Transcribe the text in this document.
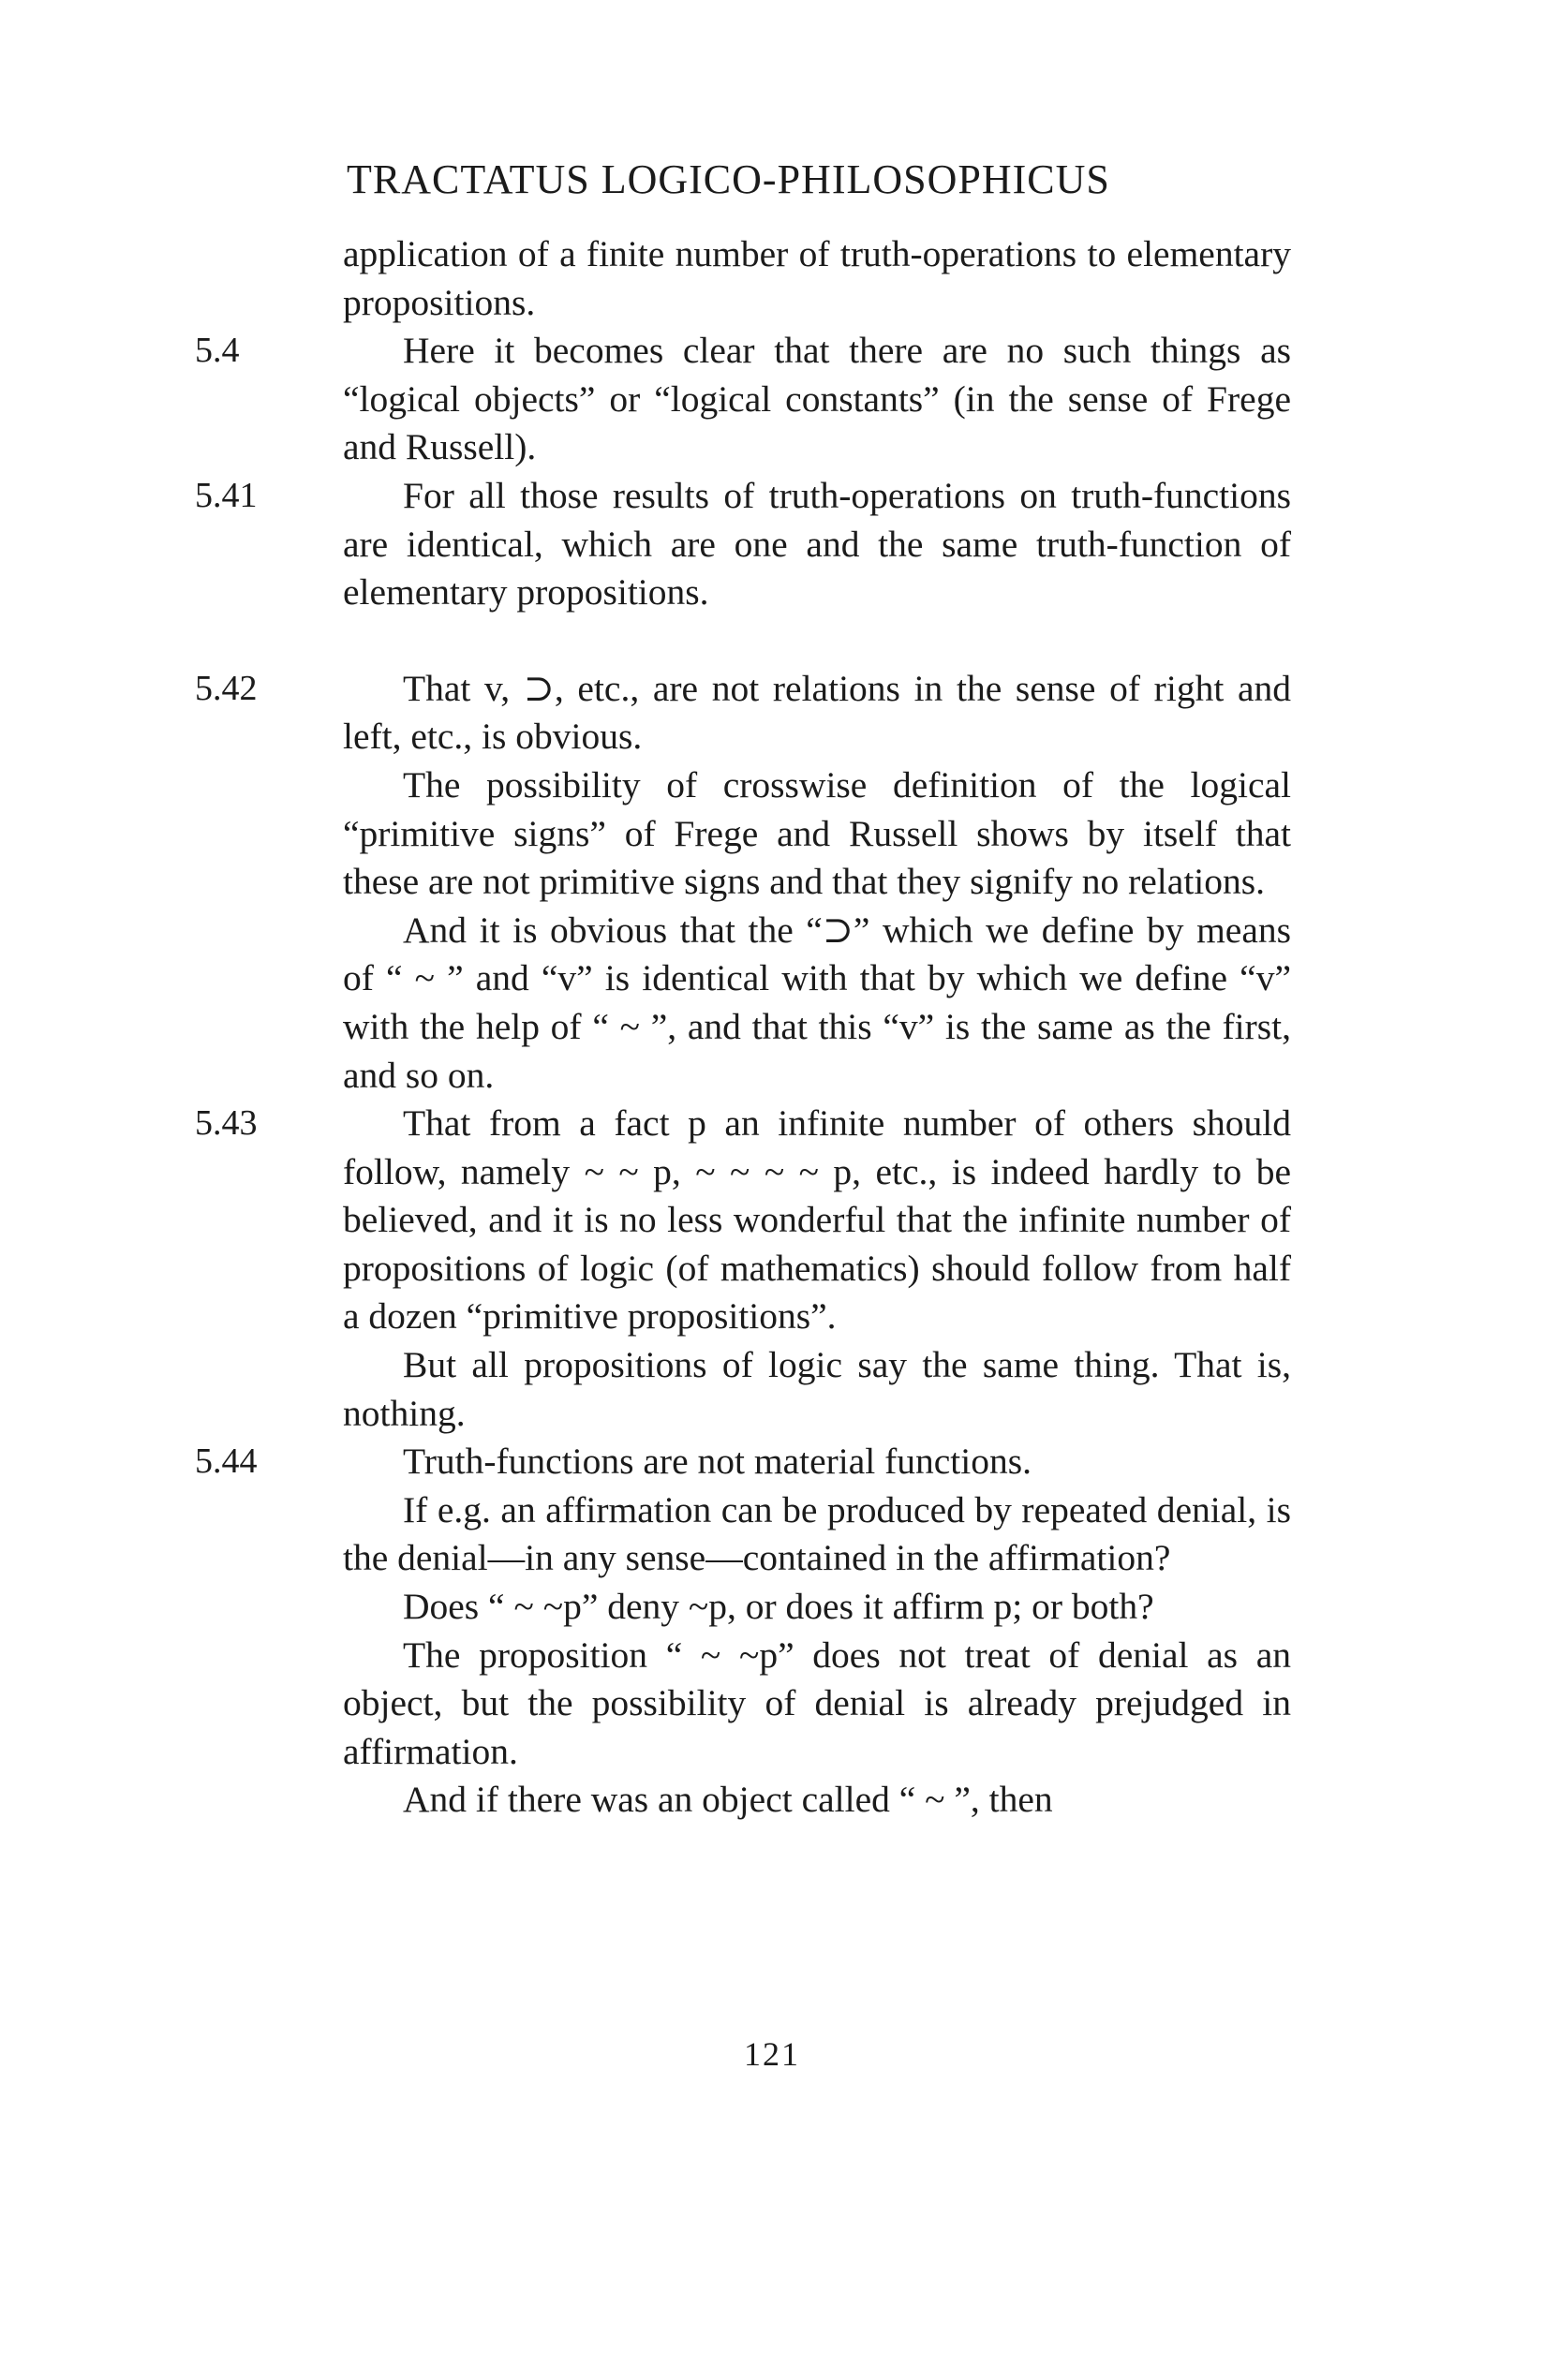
TRACTATUS LOGICO-PHILOSOPHICUS

application of a finite number of truth-operations to elementary propositions.

5.4	Here it becomes clear that there are no such things as “logical objects” or “logical constants” (in the sense of Frege and Russell).

5.41	For all those results of truth-operations on truth-functions are identical, which are one and the same truth-function of elementary propositions.

5.42	That v, ⊃, etc., are not relations in the sense of right and left, etc., is obvious.

The possibility of crosswise definition of the logical “primitive signs” of Frege and Russell shows by itself that these are not primitive signs and that they signify no relations.

And it is obvious that the “⊃” which we define by means of “ ~ ” and “v” is identical with that by which we define “v” with the help of “ ~ ”, and that this “v” is the same as the first, and so on.

5.43	That from a fact p an infinite number of others should follow, namely ~ ~ p, ~ ~ ~ ~ p, etc., is indeed hardly to be believed, and it is no less wonderful that the infinite number of propositions of logic (of mathematics) should follow from half a dozen “primitive propositions”.

But all propositions of logic say the same thing. That is, nothing.

5.44	Truth-functions are not material functions.

If e.g. an affirmation can be produced by repeated denial, is the denial—in any sense—contained in the affirmation?

Does “ ~ ~p” deny ~p, or does it affirm p; or both?

The proposition “ ~ ~p” does not treat of denial as an object, but the possibility of denial is already prejudged in affirmation.

And if there was an object called “ ~ ”, then

121
